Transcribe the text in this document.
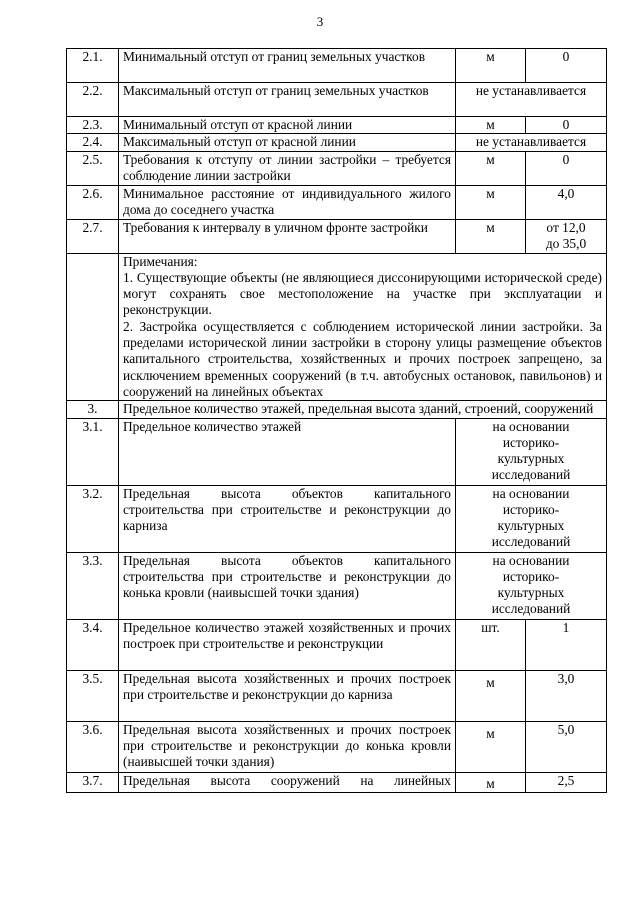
3
2.1.	Минимальный отступ от границ земельных участков	м	0
2.2.	Максимальный отступ от границ земельных участков	не устанавливается	
2.3.	Минимальный отступ от красной линии	м	0
2.4.	Максимальный отступ от красной линии	не устанавливается	
2.5.	Требования к отступу от линии застройки – требуется соблюдение линии застройки	м	0
2.6.	Минимальное расстояние от индивидуального жилого дома до соседнего участка	м	4,0
2.7.	Требования к интервалу в уличном фронте застройки	м	от 12,0
до 35,0

	Примечания:
1. Существующие объекты (не являющиеся диссонирующими исторической среде) могут сохранять свое местоположение на участке при эксплуатации и реконструкции.
2. Застройка осуществляется с соблюдением исторической линии застройки. За пределами исторической линии застройки в сторону улицы размещение объектов капитального строительства, хозяйственных и прочих построек запрещено, за исключением временных сооружений (в т.ч. автобусных остановок, павильонов) и сооружений на линейных объектах		

3.	Предельное количество этажей, предельная высота зданий, строений, сооружений		
3.1.	Предельное количество этажей	на основании
историко-
культурных
исследований	

3.2.	Предельная высота объектов капитального строительства при строительстве и реконструкции до карниза	на основании
историко-
культурных
исследований	

3.3.	Предельная высота объектов капитального строительства при строительстве и реконструкции до конька кровли (наивысшей точки здания)	на основании
историко-
культурных
исследований	

3.4.	Предельное количество этажей хозяйственных и прочих построек при строительстве и реконструкции	шт.	1
3.5.	Предельная высота хозяйственных и прочих построек при строительстве и реконструкции до карниза	м	3,0
3.6.	Предельная высота хозяйственных и прочих построек при строительстве и реконструкции до конька кровли (наивысшей точки здания)	м	5,0
3.7.	Предельная высота сооружений на линейных	м	2,5
